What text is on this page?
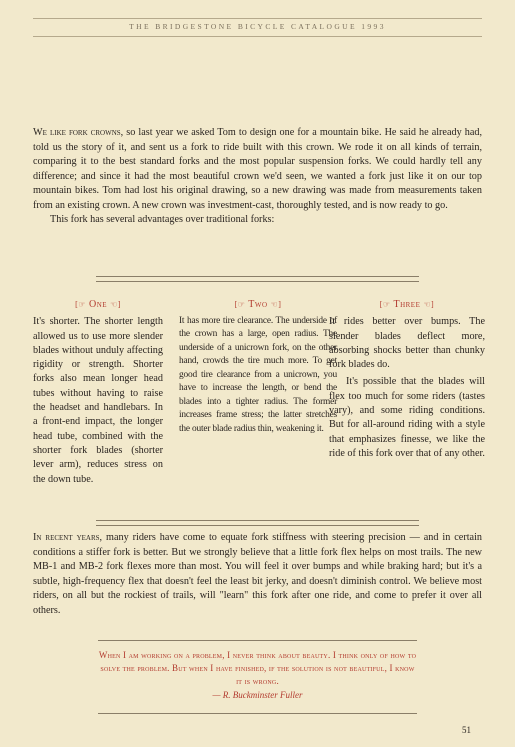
THE BRIDGESTONE BICYCLE CATALOGUE 1993

We like fork crowns, so last year we asked Tom to design one for a mountain bike. He said he already had, told us the story of it, and sent us a fork to ride built with this crown. We rode it on all kinds of terrain, comparing it to the best standard forks and the most popular suspension forks. We could hardly tell any difference; and since it had the most beautiful crown we'd seen, we wanted a fork just like it on our top mountain bikes. Tom had lost his original drawing, so a new drawing was made from measurements taken from an existing crown. A new crown was investment-cast, thoroughly tested, and is now ready to go.

This fork has several advantages over traditional forks:

[☞ One ☜]

It's shorter. The shorter length allowed us to use more slender blades without unduly affecting rigidity or strength. Shorter forks also mean longer head tubes without having to raise the headset and handlebars. In a front-end impact, the longer head tube, combined with the shorter fork blades (shorter lever arm), reduces stress on the down tube.

[☞ Two ☜]

It has more tire clearance. The underside of the crown has a large, open radius. The underside of a unicrown fork, on the other hand, crowds the tire much more. To get good tire clearance from a unicrown, you have to increase the length, or bend the blades into a tighter radius. The former increases frame stress; the latter stretches the outer blade radius thin, weakening it.

[☞ Three ☜]

It rides better over bumps. The slender blades deflect more, absorbing shocks better than chunky fork blades do.

It's possible that the blades will flex too much for some riders (tastes vary), and some riding conditions. But for all-around riding with a style that emphasizes finesse, we like the ride of this fork over that of any other.

In recent years, many riders have come to equate fork stiffness with steering precision — and in certain conditions a stiffer fork is better. But we strongly believe that a little fork flex helps on most trails. The new MB-1 and MB-2 fork flexes more than most. You will feel it over bumps and while braking hard; but it's a subtle, high-frequency flex that doesn't feel the least bit jerky, and doesn't diminish control. We believe most riders, on all but the rockiest of trails, will "learn" this fork after one ride, and come to prefer it over all others.

When I am working on a problem, I never think about beauty. I think only of how to solve the problem. But when I have finished, if the solution is not beautiful, I know it is wrong.
— R. Buckminster Fuller
51
